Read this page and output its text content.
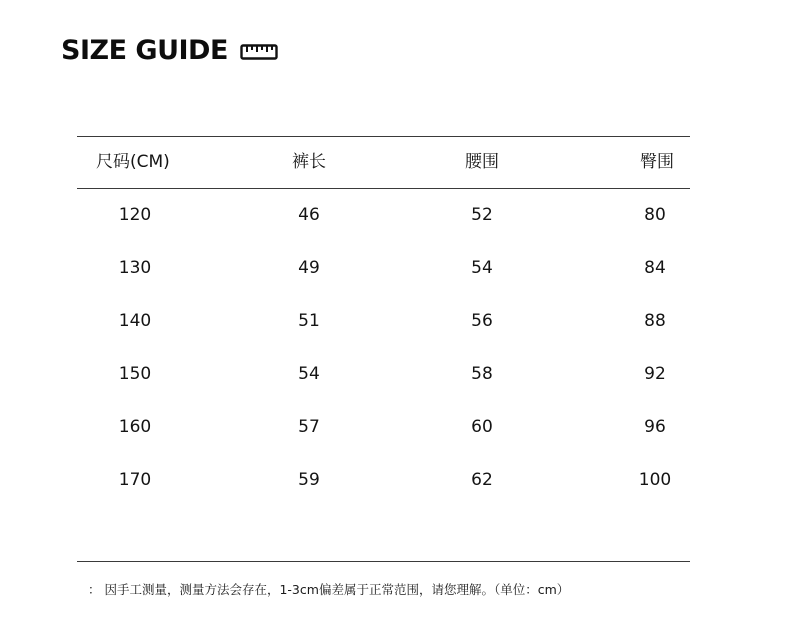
SIZE GUIDE
尺码(CM)	裤长	腰围	臀围
120	46	52	80
130	49	54	84
140	51	56	88
150	54	58	92
160	57	60	96
170	59	62	100
： 因手工测量，测量方法会存在，1-3cm偏差属于正常范围，请您理解。（单位：cm）
